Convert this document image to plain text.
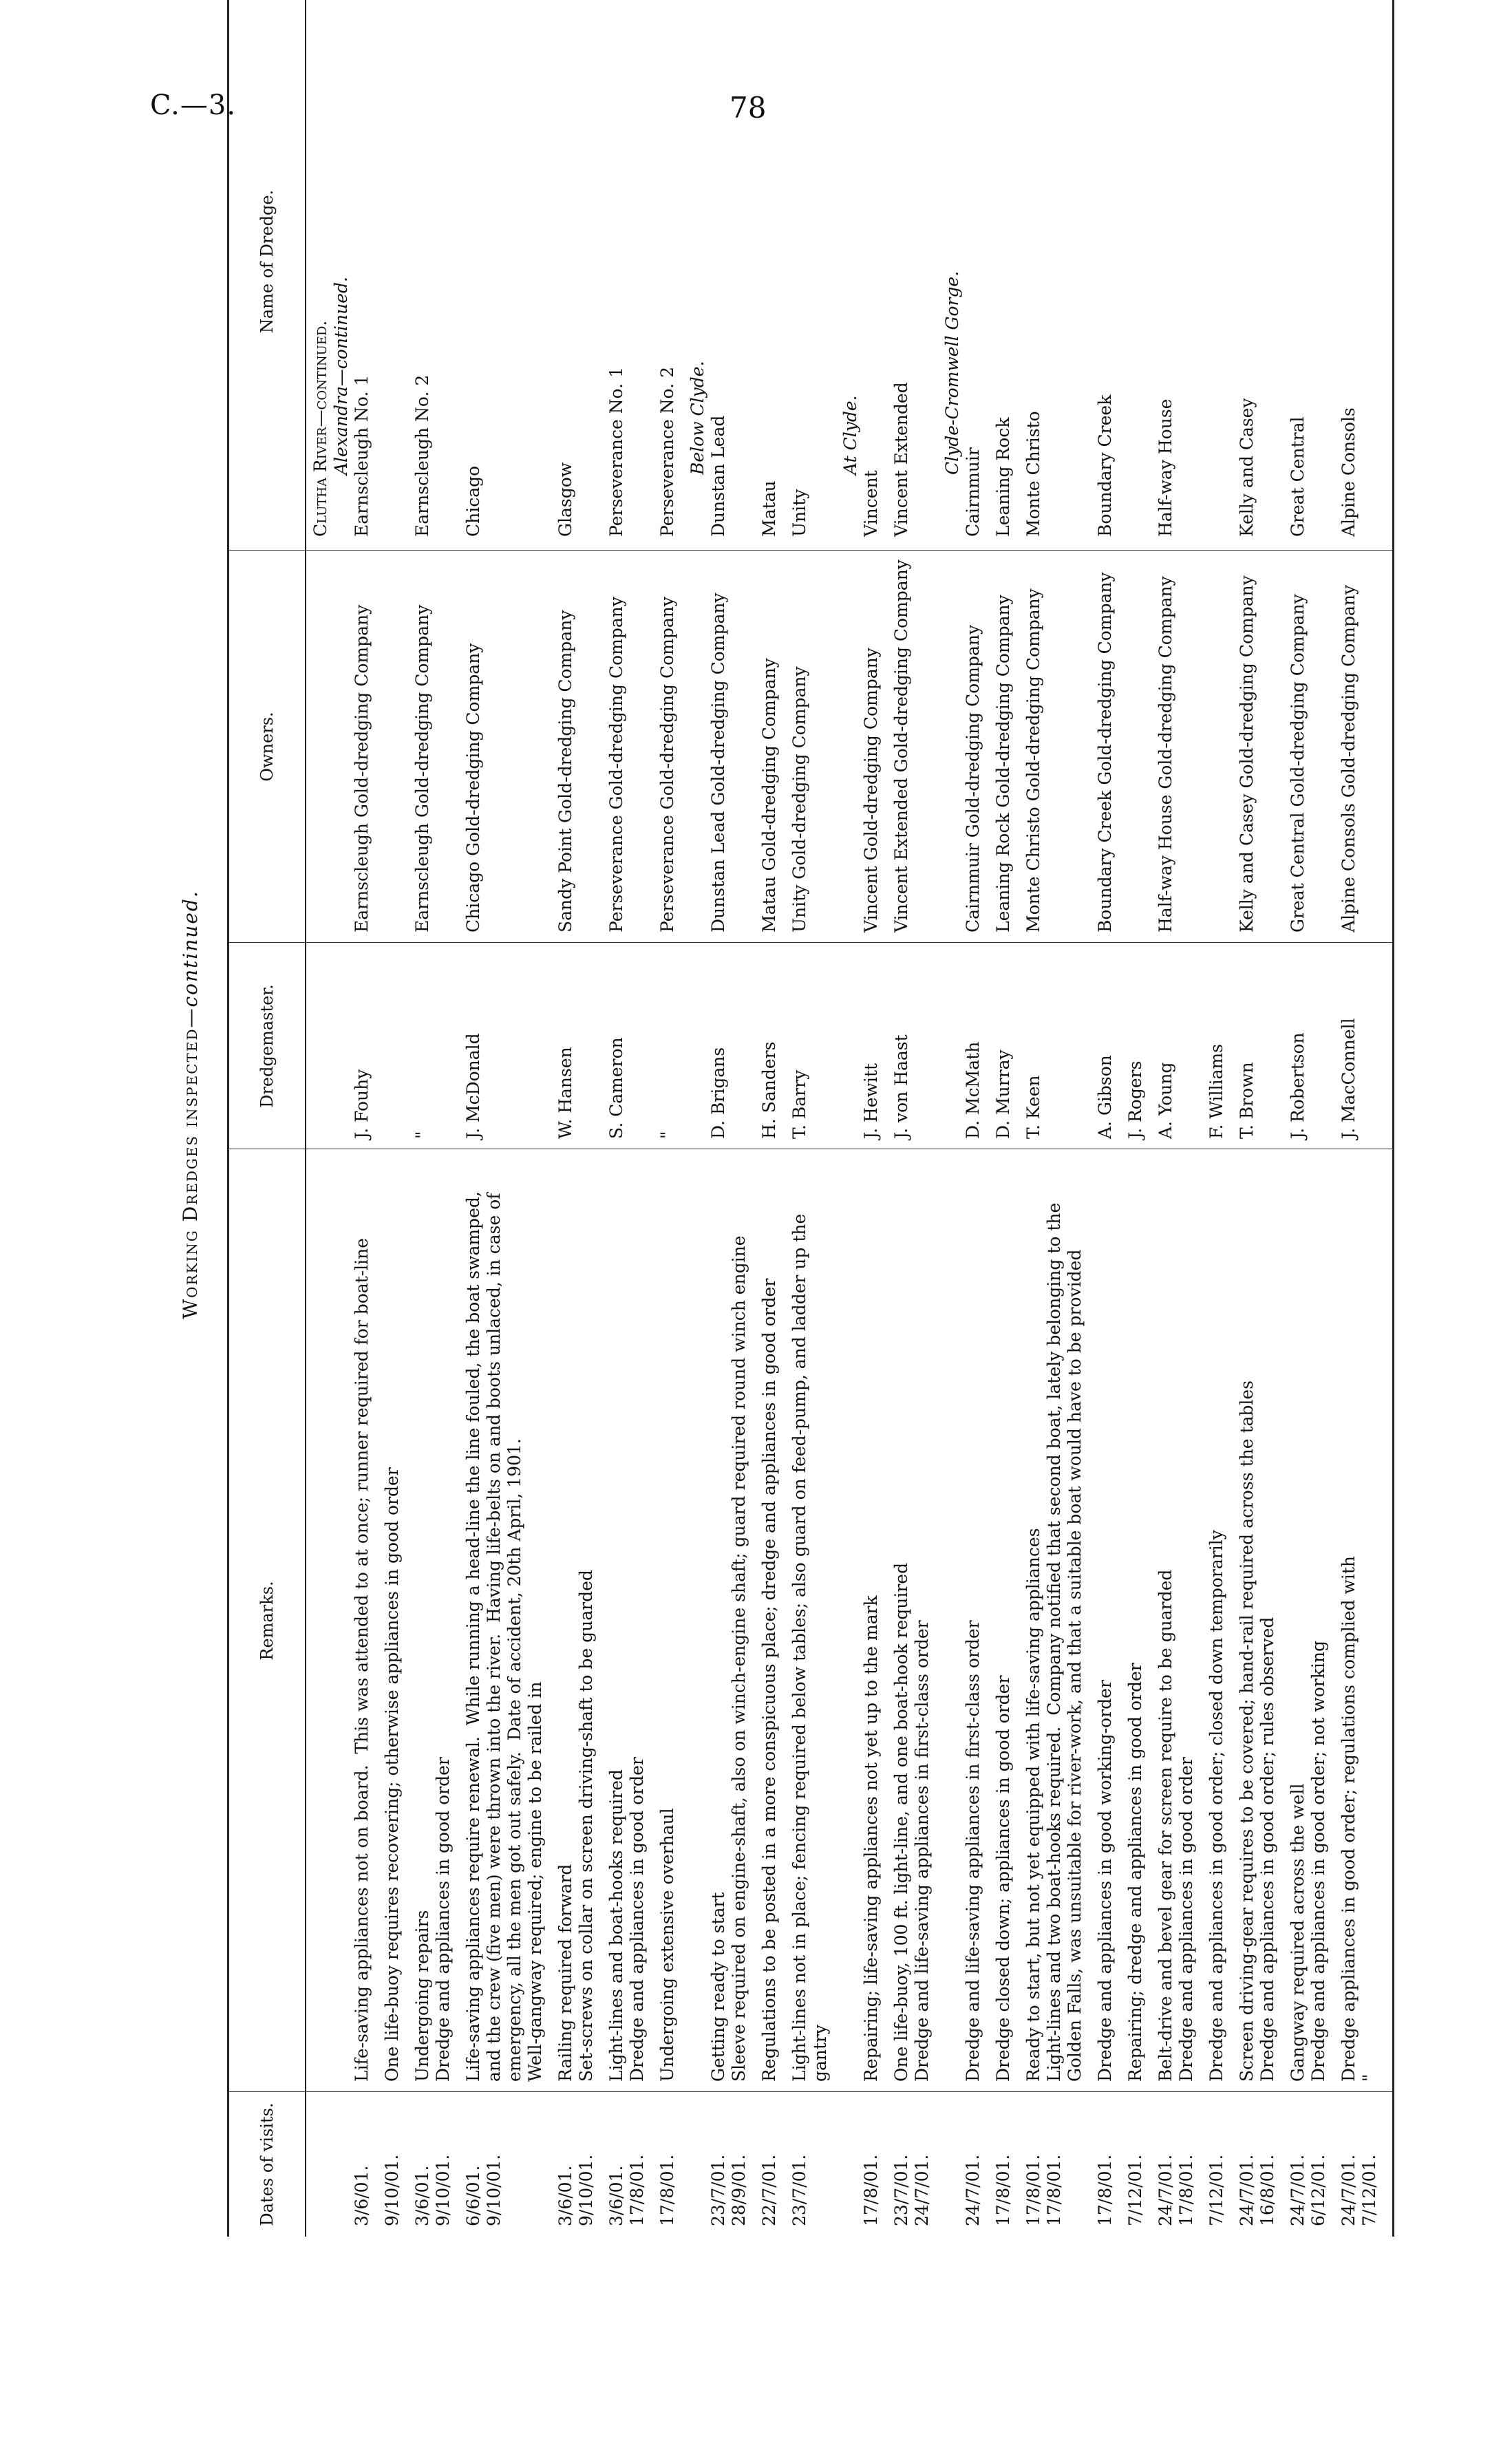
C.—3.	78
Working Dredges inspected—continued.
Dates of visits.
Remarks.
Dredgemaster.
Owners.
Name of Dredge.
Clutha River—continued. Alexandra—continued.
3/6/01.
Life-saving appliances not on board.  This was attended to at once; runner required for boat-line
J. Fouhy
Earnscleugh Gold-dredging Company
Earnscleugh No. 1
9/10/01.
One life-buoy requires recovering; otherwise appliances in good order
3/6/01.
9/10/01.
Undergoing repairs
Dredge and appliances in good order
"
Earnscleugh Gold-dredging Company
Earnscleugh No. 2
6/6/01.
9/10/01.
Life-saving appliances require renewal.  While running a head-line the line fouled, the boat swamped, and the crew (five men) were thrown into the river.  Having life-belts on and boots unlaced, in case of emergency, all the men got out safely.  Date of accident, 20th April, 1901.
Well-gangway required; engine to be railed in
J. McDonald
Chicago Gold-dredging Company
Chicago
3/6/01.
9/10/01.
Railing required forward
Set-screws on collar on screen driving-shaft to be guarded
W. Hansen
Sandy Point Gold-dredging Company
Glasgow
3/6/01.
17/8/01.
Light-lines and boat-hooks required
Dredge and appliances in good order
S. Cameron
Perseverance Gold-dredging Company
Perseverance No. 1
17/8/01.
Undergoing extensive overhaul
"
Perseverance Gold-dredging Company
Perseverance No. 2 Below Clyde.
23/7/01.
28/9/01.
Getting ready to start
Sleeve required on engine-shaft, also on winch-engine shaft; guard required round winch engine
D. Brigans
Dunstan Lead Gold-dredging Company
Dunstan Lead
22/7/01.
Regulations to be posted in a more conspicuous place; dredge and appliances in good order
H. Sanders
Matau Gold-dredging Company
Matau
23/7/01.
Light-lines not in place; fencing required below tables; also guard on feed-pump, and ladder up the gantry
T. Barry
Unity Gold-dredging Company
Unity
At Clyde.
17/8/01.
Repairing; life-saving appliances not yet up to the mark
J. Hewitt
Vincent Gold-dredging Company
Vincent
23/7/01.
24/7/01.
One life-buoy, 100 ft. light-line, and one boat-hook required
Dredge and life-saving appliances in first-class order
J. von Haast
Vincent Extended Gold-dredging Company
Vincent Extended Clyde-Cromwell Gorge.
24/7/01.
Dredge and life-saving appliances in first-class order
D. McMath
Cairnmuir Gold-dredging Company
Cairnmuir
17/8/01.
Dredge closed down; appliances in good order
D. Murray
Leaning Rock Gold-dredging Company
Leaning Rock
17/8/01.
17/8/01.
Ready to start, but not yet equipped with life-saving appliances
Light-lines and two boat-hooks required.  Company notified that second boat, lately belonging to the Golden Falls, was unsuitable for river-work, and that a suitable boat would have to be provided
T. Keen
Monte Christo Gold-dredging Company
Monte Christo
17/8/01.
Dredge and appliances in good working-order
A. Gibson
Boundary Creek Gold-dredging Company
Boundary Creek
7/12/01.
Repairing; dredge and appliances in good order
J. Rogers
24/7/01.
17/8/01.
Belt-drive and bevel gear for screen require to be guarded
Dredge and appliances in good order
A. Young
Half-way House Gold-dredging Company
Half-way House
7/12/01.
Dredge and appliances in good order; closed down temporarily
F. Williams
24/7/01.
16/8/01.
Screen driving-gear requires to be covered; hand-rail required across the tables
Dredge and appliances in good order; rules observed
T. Brown
Kelly and Casey Gold-dredging Company
Kelly and Casey
24/7/01.
6/12/01.
Gangway required across the well
Dredge and appliances in good order; not working
J. Robertson
Great Central Gold-dredging Company
Great Central
24/7/01.
7/12/01.
Dredge appliances in good order; regulations complied with
"
J. MacConnell
Alpine Consols Gold-dredging Company
Alpine Consols
